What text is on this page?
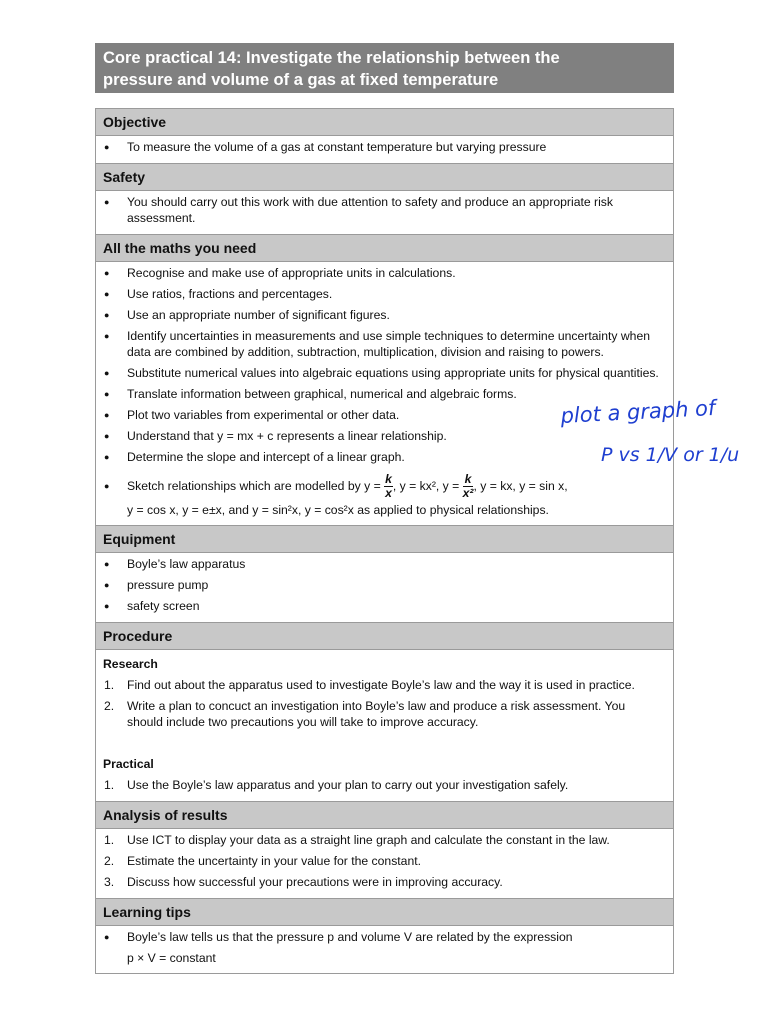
Core practical 14: Investigate the relationship between the
pressure and volume of a gas at fixed temperature
Objective
● To measure the volume of a gas at constant temperature but varying pressure
Safety
● You should carry out this work with due attention to safety and produce an appropriate risk assessment.
All the maths you need
● Recognise and make use of appropriate units in calculations.
● Use ratios, fractions and percentages.
● Use an appropriate number of significant figures.
● Identify uncertainties in measurements and use simple techniques to determine uncertainty when data are combined by addition, subtraction, multiplication, division and raising to powers.
● Substitute numerical values into algebraic equations using appropriate units for physical quantities.
● Translate information between graphical, numerical and algebraic forms.
● Plot two variables from experimental or other data.
● Understand that y = mx + c represents a linear relationship.
● Determine the slope and intercept of a linear graph.
● Sketch relationships which are modelled by $y = \frac{k}{x}$ , y = kx², $y = \frac{k}{\text{x²}}$ , y = kx, y = sin x,
y = cos x, y = e±x, and y = sin²x, y = cos²x as applied to physical relationships.
Equipment
● Boyle’s law apparatus
● pressure pump
● safety screen
Procedure
Research
1. Find out about the apparatus used to investigate Boyle’s law and the way it is used in practice.
2. Write a plan to concuct an investigation into Boyle’s law and produce a risk assessment. You should include two precautions you will take to improve accuracy.
Practical
1. Use the Boyle’s law apparatus and your plan to carry out your investigation safely.
Analysis of results
1. Use ICT to display your data as a straight line graph and calculate the constant in the law.
2. Estimate the uncertainty in your value for the constant.
3. Discuss how successful your precautions were in improving accuracy.
Learning tips
● Boyle’s law tells us that the pressure p and volume V are related by the expression
p × V = constant
plot a graph of
P vs 1/V or 1/u
